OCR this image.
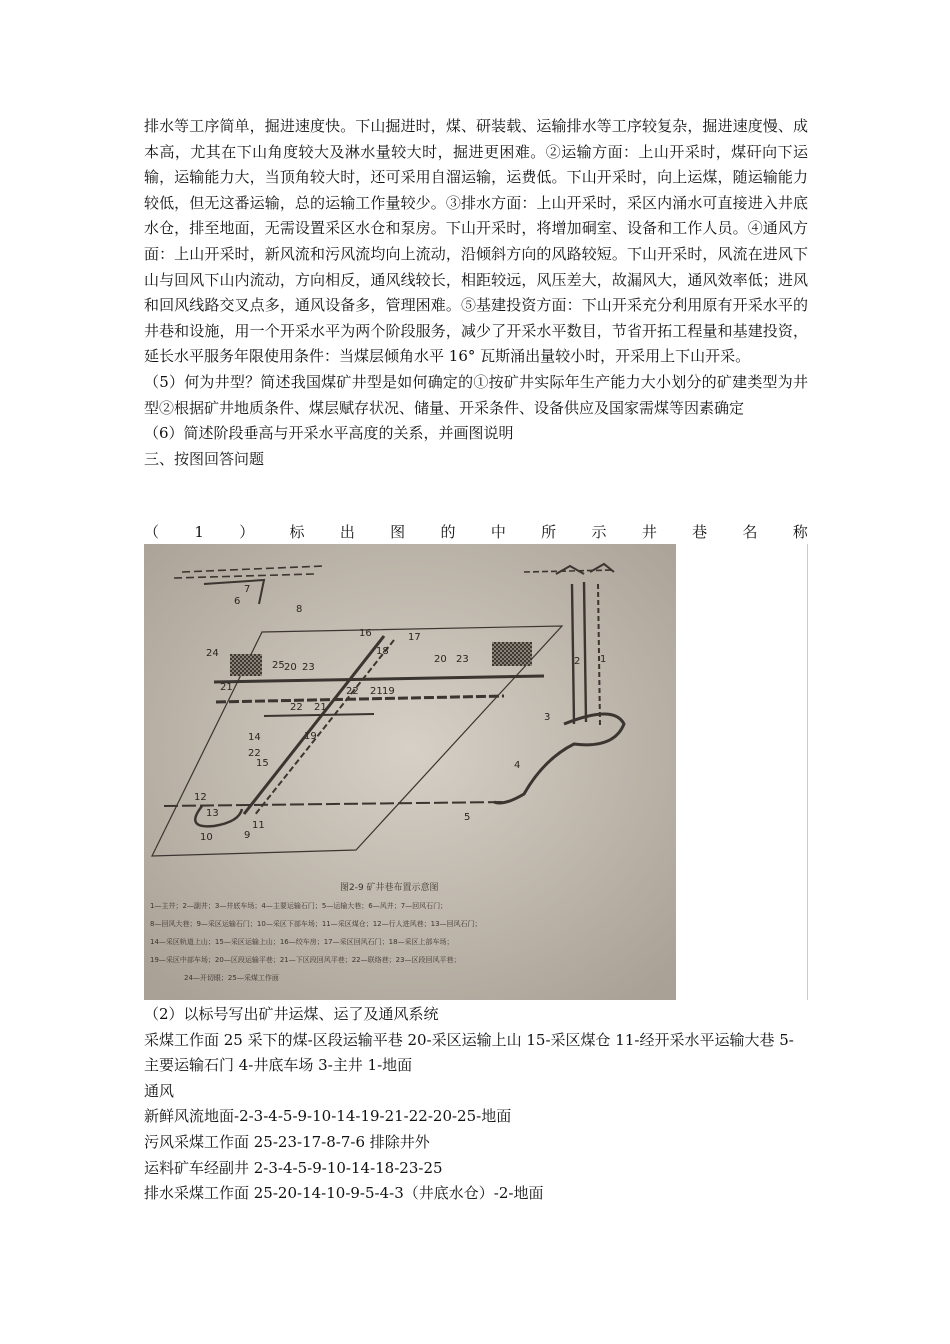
排水等工序简单，掘进速度快。下山掘进时，煤、研装载、运输排水等工序较复杂，掘进速度慢、成本高，尤其在下山角度较大及淋水量较大时，掘进更困难。②运输方面：上山开采时，煤矸向下运输，运输能力大，当顶角较大时，还可采用自溜运输，运费低。下山开采时，向上运煤，随运输能力较低，但无这番运输，总的运输工作量较少。③排水方面：上山开采时，采区内涌水可直接进入井底水仓，排至地面，无需设置采区水仓和泵房。下山开采时，将增加硐室、设备和工作人员。④通风方面：上山开采时，新风流和污风流均向上流动，沿倾斜方向的风路较短。下山开采时，风流在进风下山与回风下山内流动，方向相反，通风线较长，相距较远，风压差大，故漏风大，通风效率低；进风和回风线路交叉点多，通风设备多，管理困难。⑤基建投资方面：下山开采充分利用原有开采水平的井巷和设施，用一个开采水平为两个阶段服务，减少了开采水平数目，节省开拓工程量和基建投资，延长水平服务年限使用条件：当煤层倾角水平 16° 瓦斯涌出量较小时，开采用上下山开采。

（5）何为井型？简述我国煤矿井型是如何确定的①按矿井实际年生产能力大小划分的矿建类型为井型②根据矿井地质条件、煤层赋存状况、储量、开采条件、设备供应及国家需煤等因素确定

（6）简述阶段垂高与开采水平高度的关系，并画图说明

三、按图回答问题

（ 1 ） 标 出 图 的 中 所 示 井 巷 名 称
8
6
7
16	17
24
25 20 23
18
20 23
21	19
22 21
22 21
19
14
22
15
12
13
11
9
10
2 1
3
4
5
图2-9 矿井巷布置示意图
1—主井；2—副井；3—井底车场；4—主要运输石门；5—运输大巷；6—风井；7—回风石门；
8—回风大巷；9—采区运输石门；10—采区下部车场；11—采区煤仓；12—行人进风巷；13—回风石门；
14—采区轨道上山；15—采区运输上山；16—绞车房；17—采区回风石门；18—采区上部车场；
19—采区中部车场；20—区段运输平巷；21—下区段回风平巷；22—联络巷；23—区段回风平巷；
24—开切眼；25—采煤工作面

（2）以标号写出矿井运煤、运了及通风系统

采煤工作面 25 采下的煤-区段运输平巷 20-采区运输上山 15-采区煤仓 11-经开采水平运输大巷 5-主要运输石门 4-井底车场 3-主井 1-地面

通风

新鲜风流地面-2-3-4-5-9-10-14-19-21-22-20-25-地面

污风采煤工作面 25-23-17-8-7-6 排除井外

运料矿车经副井 2-3-4-5-9-10-14-18-23-25

排水采煤工作面 25-20-14-10-9-5-4-3（井底水仓）-2-地面
